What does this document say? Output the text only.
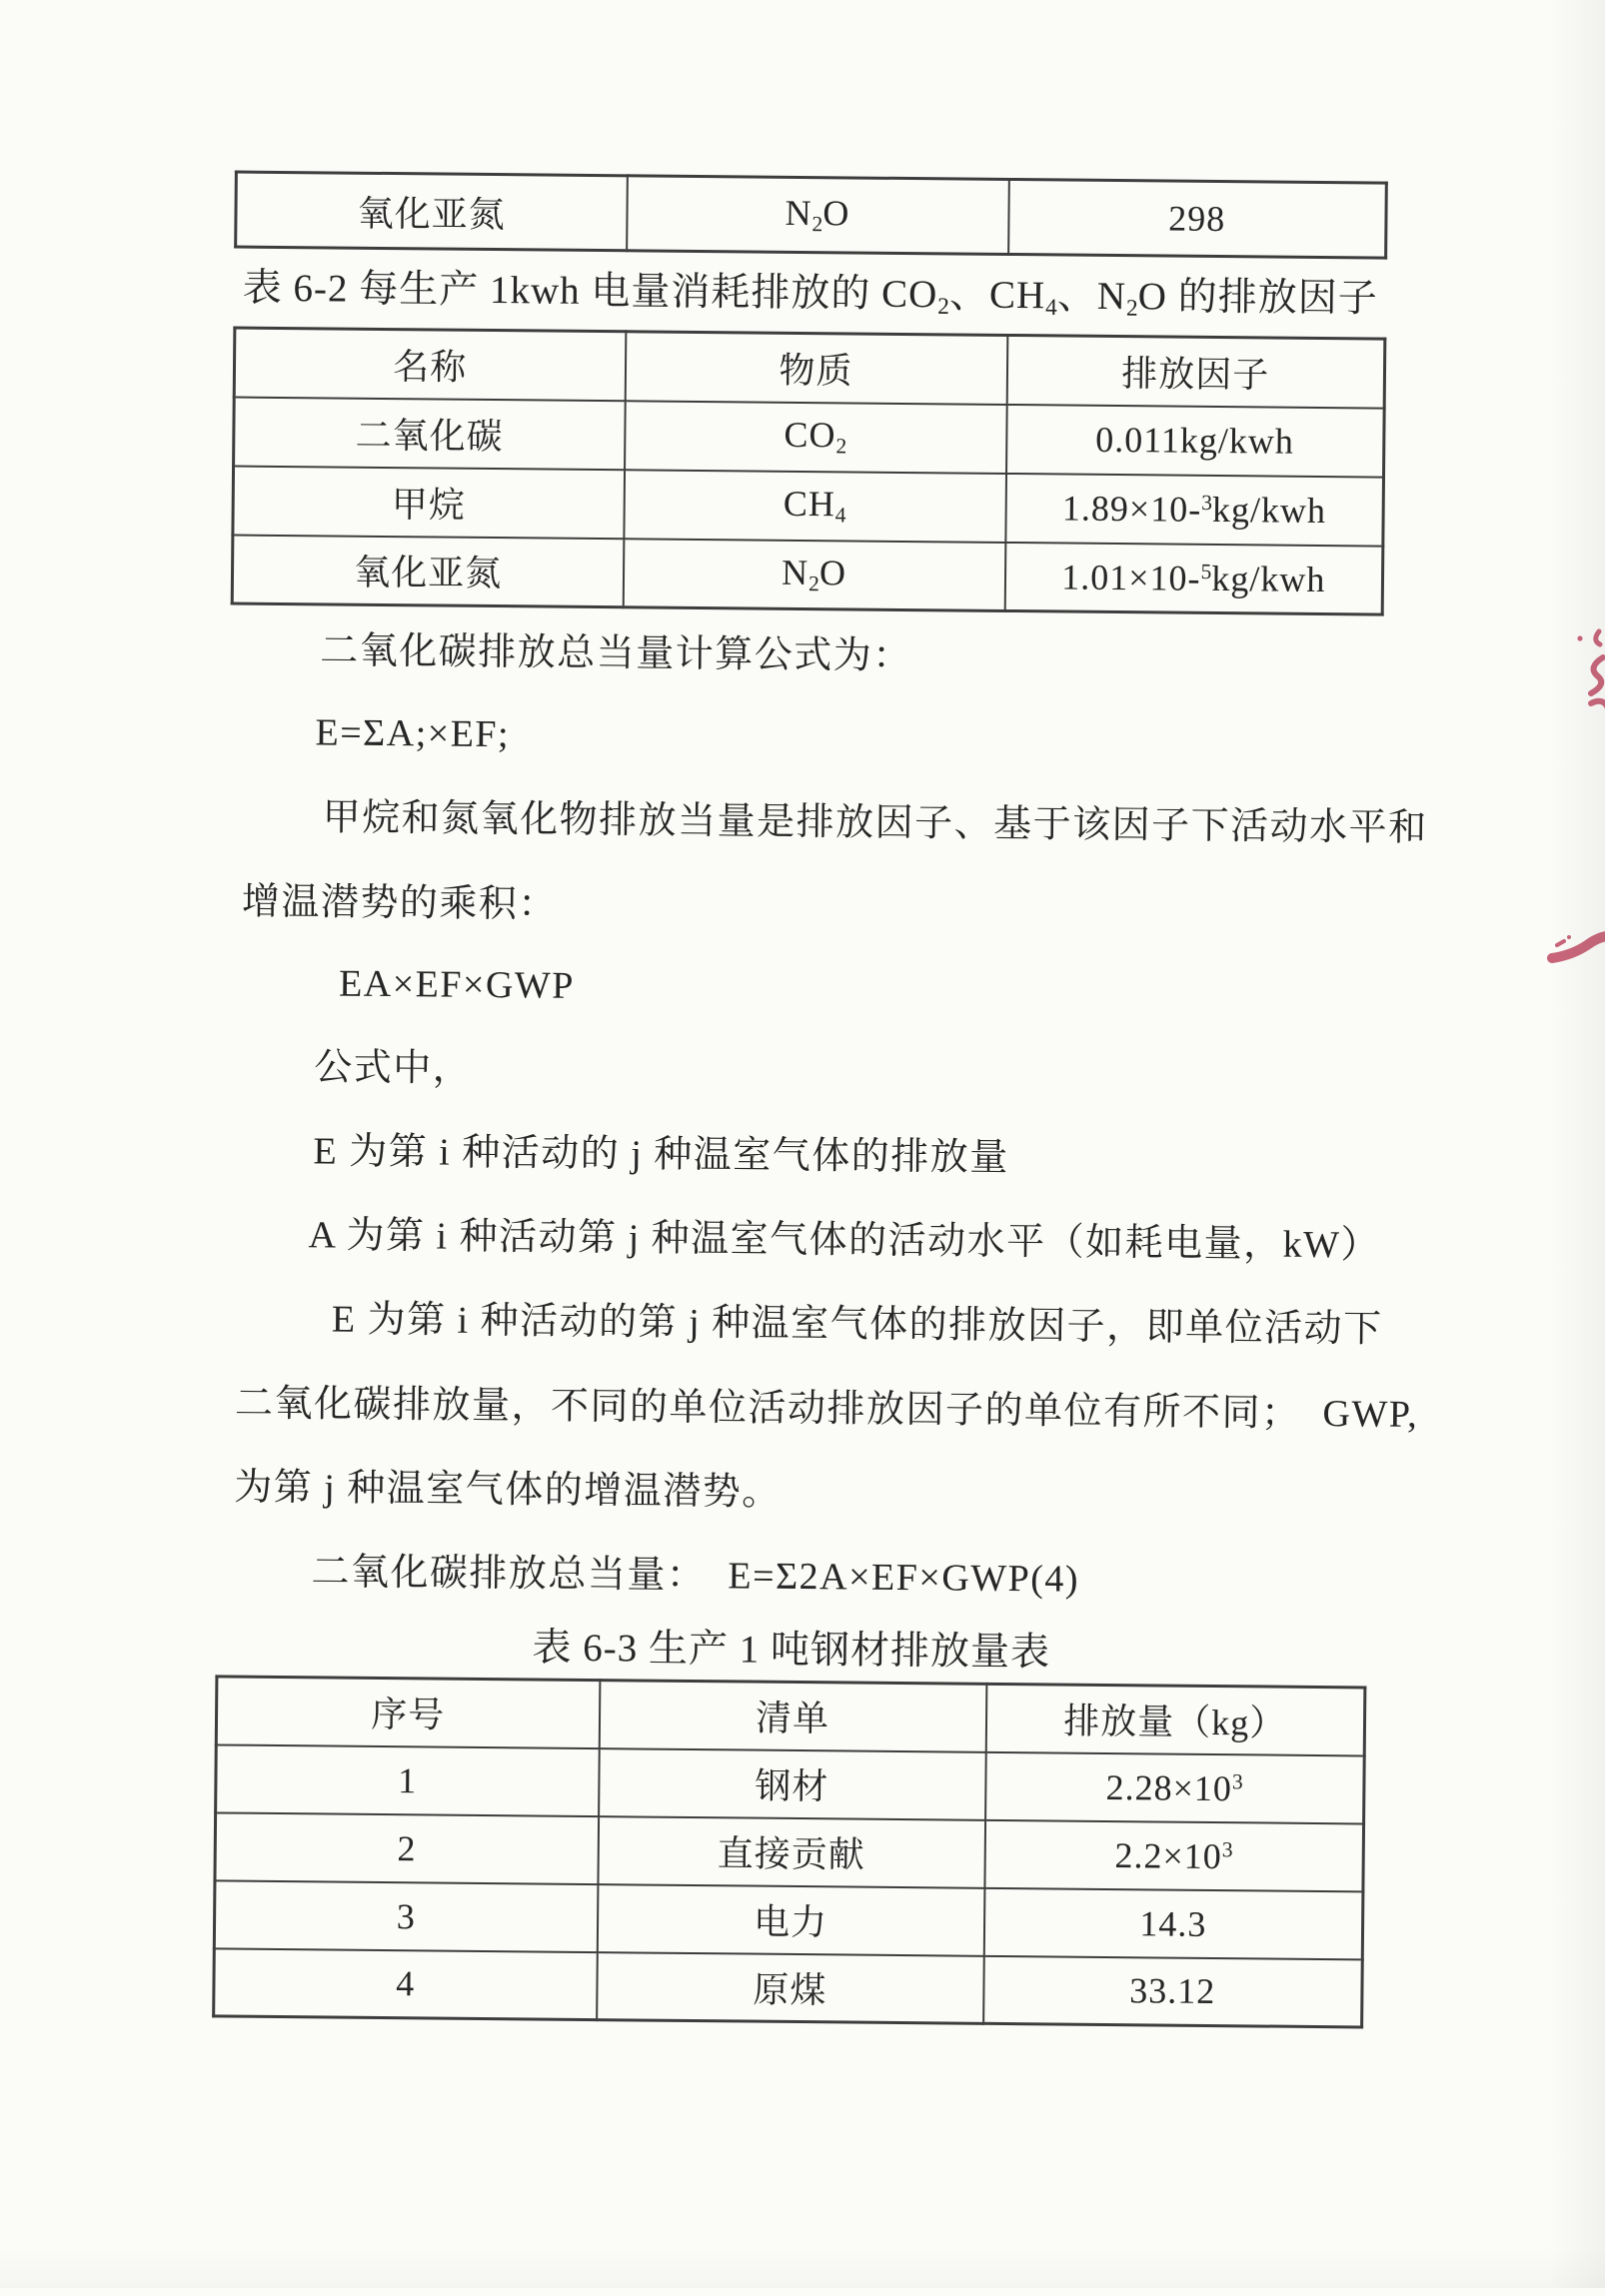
氧化亚氮	$N_2O$	298
表 6-2 每生产 1kwh 电量消耗排放的 $CO_2$、$CH_4$、$N_2O$ 的排放因子
名称	物质	排放因子
二氧化碳	$CO_2$	0.011kg/kwh
甲烷	$CH_4$	1.89×10-$^3$kg/kwh
氧化亚氮	$N_2O$	1.01×10-$^5$kg/kwh
二氧化碳排放总当量计算公式为：
E=ΣA;×EF;
甲烷和氮氧化物排放当量是排放因子、基于该因子下活动水平和
增温潜势的乘积：
EA×EF×GWP
公式中，
E 为第 i 种活动的 j 种温室气体的排放量
A 为第 i 种活动第 j 种温室气体的活动水平（如耗电量，kW）
E 为第 i 种活动的第 j 种温室气体的排放因子，即单位活动下
二氧化碳排放量，不同的单位活动排放因子的单位有所不同；  GWP,
为第 j 种温室气体的增温潜势。
二氧化碳排放总当量：  E=Σ2A×EF×GWP(4)
表 6-3 生产 1 吨钢材排放量表
序号	清单	排放量（kg）
1	钢材	$2.28\times 10^3$
2	直接贡献	$2.2\times 10^3$
3	电力	14.3
4	原煤	33.12
